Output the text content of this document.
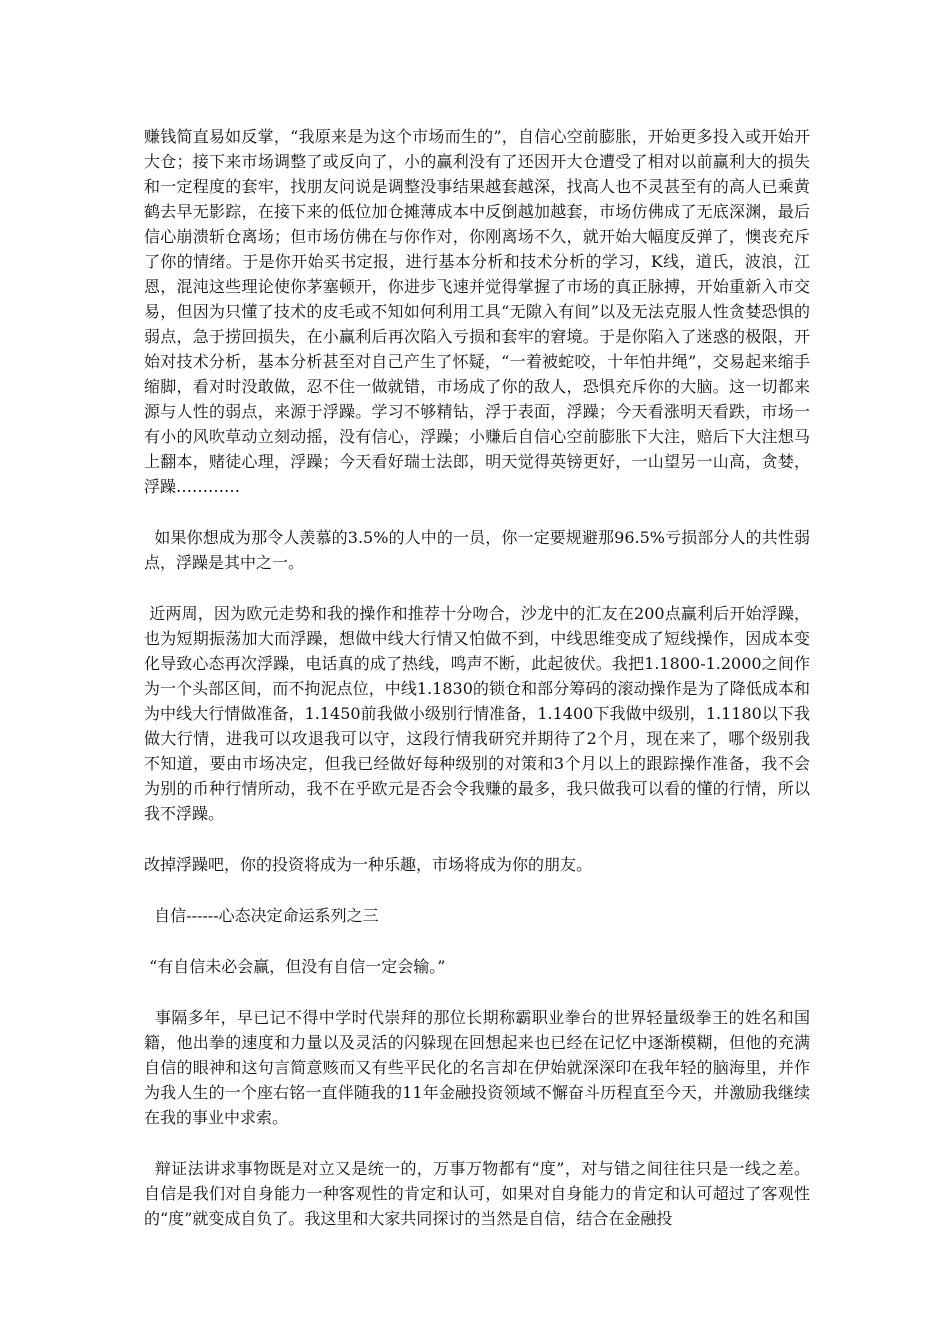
赚钱简直易如反掌，“我原来是为这个市场而生的”，自信心空前膨胀，开始更多投入或开始开大仓；接下来市场调整了或反向了，小的赢利没有了还因开大仓遭受了相对以前赢利大的损失和一定程度的套牢，找朋友问说是调整没事结果越套越深，找高人也不灵甚至有的高人已乘黄鹤去早无影踪，在接下来的低位加仓摊薄成本中反倒越加越套，市场仿佛成了无底深渊，最后信心崩溃斩仓离场；但市场仿佛在与你作对，你刚离场不久，就开始大幅度反弹了，懊丧充斥了你的情绪。于是你开始买书定报，进行基本分析和技术分析的学习，K线，道氏，波浪，江恩，混沌这些理论使你茅塞顿开，你进步飞速并觉得掌握了市场的真正脉搏，开始重新入市交易，但因为只懂了技术的皮毛或不知如何利用工具“无隙入有间”以及无法克服人性贪婪恐惧的弱点，急于捞回损失，在小赢利后再次陷入亏损和套牢的窘境。于是你陷入了迷惑的极限，开始对技术分析，基本分析甚至对自己产生了怀疑，“一着被蛇咬，十年怕井绳”，交易起来缩手缩脚，看对时没敢做，忍不住一做就错，市场成了你的敌人，恐惧充斥你的大脑。这一切都来源与人性的弱点，来源于浮躁。学习不够精钻，浮于表面，浮躁；今天看涨明天看跌，市场一有小的风吹草动立刻动摇，没有信心，浮躁；小赚后自信心空前膨胀下大注，赔后下大注想马上翻本，赌徒心理，浮躁；今天看好瑞士法郎，明天觉得英镑更好，一山望另一山高，贪婪，浮躁…………

如果你想成为那令人羡慕的3.5%的人中的一员，你一定要规避那96.5%亏损部分人的共性弱点，浮躁是其中之一。

近两周，因为欧元走势和我的操作和推荐十分吻合，沙龙中的汇友在200点赢利后开始浮躁，也为短期振荡加大而浮躁，想做中线大行情又怕做不到，中线思维变成了短线操作，因成本变化导致心态再次浮躁，电话真的成了热线，鸣声不断，此起彼伏。我把1.1800-1.2000之间作为一个头部区间，而不拘泥点位，中线1.1830的锁仓和部分筹码的滚动操作是为了降低成本和为中线大行情做准备，1.1450前我做小级别行情准备，1.1400下我做中级别，1.1180以下我做大行情，进我可以攻退我可以守，这段行情我研究并期待了2个月，现在来了，哪个级别我不知道，要由市场决定，但我已经做好每种级别的对策和3个月以上的跟踪操作准备，我不会为别的币种行情所动，我不在乎欧元是否会令我赚的最多，我只做我可以看的懂的行情，所以我不浮躁。

改掉浮躁吧，你的投资将成为一种乐趣，市场将成为你的朋友。

自信------心态决定命运系列之三

“有自信未必会赢，但没有自信一定会输。”

事隔多年，早已记不得中学时代崇拜的那位长期称霸职业拳台的世界轻量级拳王的姓名和国籍，他出拳的速度和力量以及灵活的闪躲现在回想起来也已经在记忆中逐渐模糊，但他的充满自信的眼神和这句言简意赅而又有些平民化的名言却在伊始就深深印在我年轻的脑海里，并作为我人生的一个座右铭一直伴随我的11年金融投资领域不懈奋斗历程直至今天，并激励我继续在我的事业中求索。

辩证法讲求事物既是对立又是统一的，万事万物都有“度”，对与错之间往往只是一线之差。自信是我们对自身能力一种客观性的肯定和认可，如果对自身能力的肯定和认可超过了客观性的“度”就变成自负了。我这里和大家共同探讨的当然是自信，结合在金融投
